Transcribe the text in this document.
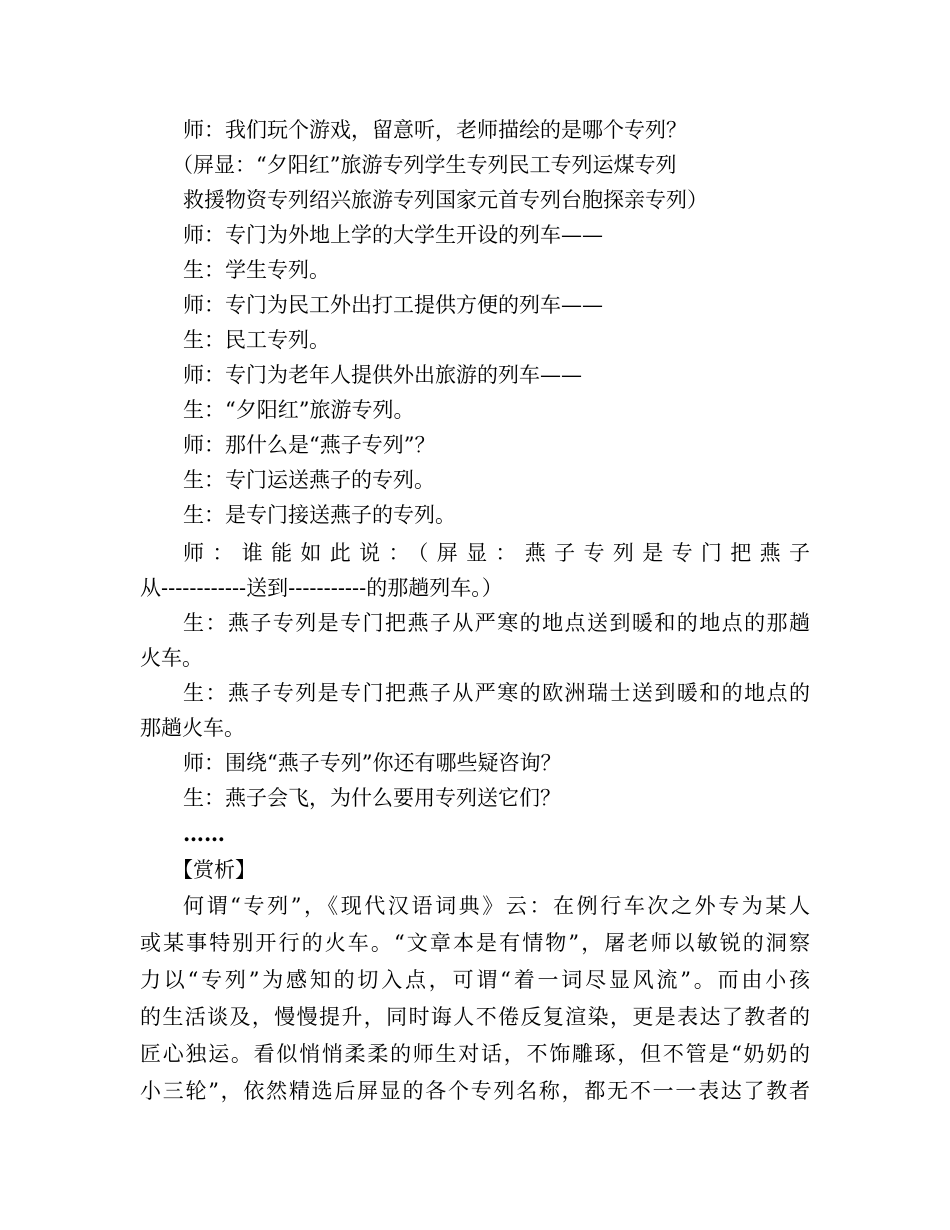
师：我们玩个游戏，留意听，老师描绘的是哪个专列？
（屏显：“夕阳红”旅游专列学生专列民工专列运煤专列
救援物资专列绍兴旅游专列国家元首专列台胞探亲专列）
师：专门为外地上学的大学生开设的列车——
生：学生专列。
师：专门为民工外出打工提供方便的列车——
生：民工专列。
师：专门为老年人提供外出旅游的列车——
生：“夕阳红”旅游专列。
师：那什么是“燕子专列”？
生：专门运送燕子的专列。
生：是专门接送燕子的专列。
师：谁能如此说：（屏显：燕子专列是专门把燕子
从------------送到-----------的那趟列车。）
生：燕子专列是专门把燕子从严寒的地点送到暖和的地点的那趟
火车。
生：燕子专列是专门把燕子从严寒的欧洲瑞士送到暖和的地点的
那趟火车。
师：围绕“燕子专列”你还有哪些疑咨询？
生：燕子会飞，为什么要用专列送它们？
……
【赏析】
何谓“专列”，《现代汉语词典》云：在例行车次之外专为某人
或某事特别开行的火车。“文章本是有情物”，屠老师以敏锐的洞察
力以“专列”为感知的切入点，可谓“着一词尽显风流”。而由小孩
的生活谈及，慢慢提升，同时诲人不倦反复渲染，更是表达了教者的
匠心独运。看似悄悄柔柔的师生对话，不饰雕琢，但不管是“奶奶的
小三轮”，依然精选后屏显的各个专列名称，都无不一一表达了教者
